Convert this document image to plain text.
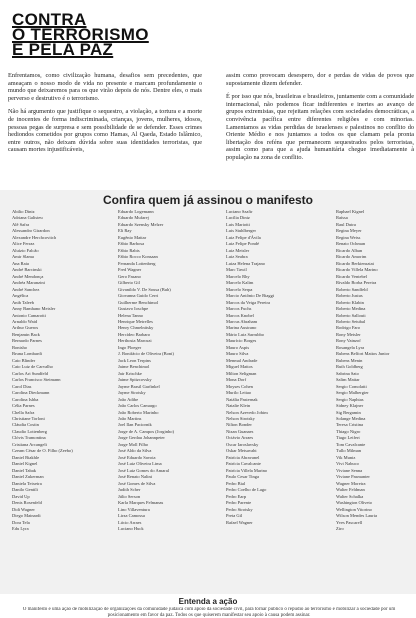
CONTRA
O TERRORISMO
E PELA PAZ

Enfrentamos, como civilização humana, desafios sem precedentes, que ameaçam o nosso modo de vida no presente e marcam profundamente o mundo que deixaremos para os que virão depois de nós. Dentre eles, o mais perverso e destrutivo é o terrorismo.

Não há argumento que justifique o sequestro, a violação, a tortura e a morte de inocentes de forma indiscriminada, crianças, jovens, mulheres, idosos, pessoas pegas de surpresa e sem possibilidade de se defender. Esses crimes hediondos cometidos por grupos como Hamas, Al Qaeda, Estado Islâmico, entre outros, não deixam dúvida sobre suas identidades terroristas, que causam mortes injustificáveis,

assim como provocam desespero, dor e perdas de vidas de povos que supostamente dizem defender.

É por isso que nós, brasileiras e brasileiros, juntamente com a comunidade internacional, não podemos ficar indiferentes e inertes ao avanço de grupos extremistas, que rejeitam relações com sociedades democráticas, a convivência pacífica entre diferentes religiões e com minorias. Lamentamos as vidas perdidas de israelenses e palestinos no conflito do Oriente Médio e nos juntamos a todos os que clamam pela pronta libertação dos reféns que permanecem sequestrados pelos terroristas, assim como para que a ajuda humanitária chegue imediatamente à população na zona de conflito.

Confira quem já assinou o manifesto
Abilio Diniz
Adriana Galisteu
Alê Safra
Alessandro Girardon
Alexandre Herchcovitch
Alice Ferraz
Aluízio Falcão
Amir Slama
Ana Raia
André Barcinski
André Mendonça
Andréa Maranzini
André Sanchez
Angélica
Anib Taleeb
Anny Bamhano Meisler
Antonio Camarotti
Arnaldo Waid
Arthur Gueros
Benjamin Back
Bernardo Parnes
Bonisho
Bruna Lombardi
Caio Blinder
Caio Luiz de Carvalho
Carlos Ari Sundfeld
Carlos Francisco Steimann
Carol Dias
Carolina Dieckmann
Carolina Ishba
Célia Parnes
Chella Safra
Christiane Torloni
Cláudia Costin
Claudio Lottenberg
Clóvis Tramontina
Cristiana Arcangeli
Czeam César de O. Filho (Zeebo)
Daniel Biakhle
Daniel Kignel
Daniel Tabak
Daniel Zukerman
Daniela Teixeira
Danilo Gentili
David Up
Denis Rosenfeld
Didi Wagner
Diego Mainardi
Dora Tela
Edu Lyra
Eduardo Logemann
Eduardo Mufarej
Eduardo Szensky Melzer
Eli Ray
Eugênio Mattar
Fábio Barbosa
Fábio Rabis
Fábio Rocco Konsaan
Fernanda Lottenberg
Fred Wagner
Gero Fasano
Gilberto Gil
Givanildo V. De Sousa (Buh)
Giovanna Guido Cerri
Guilherme Benchimol
Gustavo Ioschpe
Helena Tanno
Henrique Meirelles
Henry Chmelnitsky
Hercídeo Barbaro
Herthosia Marcuzi
Ingo Ploeger
J. Bonifácio de Oliveira (Boni)
Jack Leon Terpins
Jaime Benchimol
Jair Krischke
Jaime Spitzcovsky
Jayme Brasil Garfinkel
Jayme Sirotsky
João Adibe
João Carlos Camargo
João Roberto Marinho
João Martins
Joel Ilan Paciornik
Jorge de A. Campos (Jorginho)
Jorge Gerdau Johannpeter
Jorge Moll Filho
José Aldo da Silva
José Eduardo Savoia
José Luiz Oliveira Lima
José Luiz Gomes do Amaral
José Renato Nalini
José Gomes de Silva
Judith Scher
Júlio Serson
Karla Marques Felmanas
Lino Villaventura
Lirza Camossa
Lúcio Arraes
Luciano Huck
Luciano Szafir
Lucília Diniz
Luis Mariotti
Luis Stuhlberger
Luiz Felipe d'Ávila
Luiz Felipe Pondé
Luiz Meisler
Luiz Seabra
Luiza Helena Trajano
Marc Tawil
Marcelo Rhy
Marcelo Kalim
Marcelo Serpa
Marcio Antônio De Biaggi
Marcos da Veiga Pereira
Marcos Fuchs
Marcos Knobel
Marcus Abraham
Marina Austrano
Mário Luiz Sarrubbo
Maurício Borges
Mauro Aspis
Mauro Silva
Menmal Andrade
Miguel Mattos
Milton Seligman
Mona Dorf
Moyses Cohen
Murilo Leitao
Natália Pasternak
Natalie Klein
Nelson Azevedo Jobim
Nelson Sirotsky
Nilton Bonder
Nizan Guanaes
Octávio Arraes
Oscar Iaroslavsky
Oskar Metsavaht
Patrícia Abravanel
Patrícia Cavalcante
Patrícia Villela Marino
Paulo Cesar Tinga
Pedro Bial
Pedro Coelho de Lago
Pedro Earp
Pedro Parente
Pedro Sirotsky
Preta Gil
Rafael Wagner
Raphael Kignel
Raíssa
Raul Dutra
Regina Meyer
Regina Weiss
Renato Ochman
Ricardo Alban
Ricardo Amorim
Ricardo Berkiensztat
Ricardo Villela Marino
Ricardo Ventebel
Rivaldo Borba Pereira
Roberto Sandfeld
Roberto Justus
Roberto Klabin
Roberto Medina
Roberto Sallouti
Roberto Setubal
Rodrigo Faro
Rony Meisler
Rony Vainzof
Rosangela Lyra
Rubens Belfort Mattos Junior
Rubens Menin
Ruth Goldberg
Sabrina Sato
Salim Mattar
Sergio Comolatti
Sergio Malbergier
Sergio Naphtas
Sidney Klajner
Sig Bergamin
Solange Medina
Teresa Cristina
Thiago Nigro
Tiago Leifert
Tom Cavalcante
Tullo Milman
Vik Muniz
Vivi Nabuco
Viviane Senna
Viviane Pasmanter
Wagner Moreira
Walter Feldman
Walter Schalka
Washington Oliveto
Wellington Vitorino
Wilson Mendes Lauria
Yves Pascarell
Ziro
Entenda a ação
O manifesto é uma ação de mobilização de organizações da comunidade judaica com apoio da sociedade civil, para tornar público o repúdio ao terrorismo e mobilizar a sociedade por um posicionamento em favor da paz. Todos os que quiserem manifestar seu apoio à causa podem assinar.
